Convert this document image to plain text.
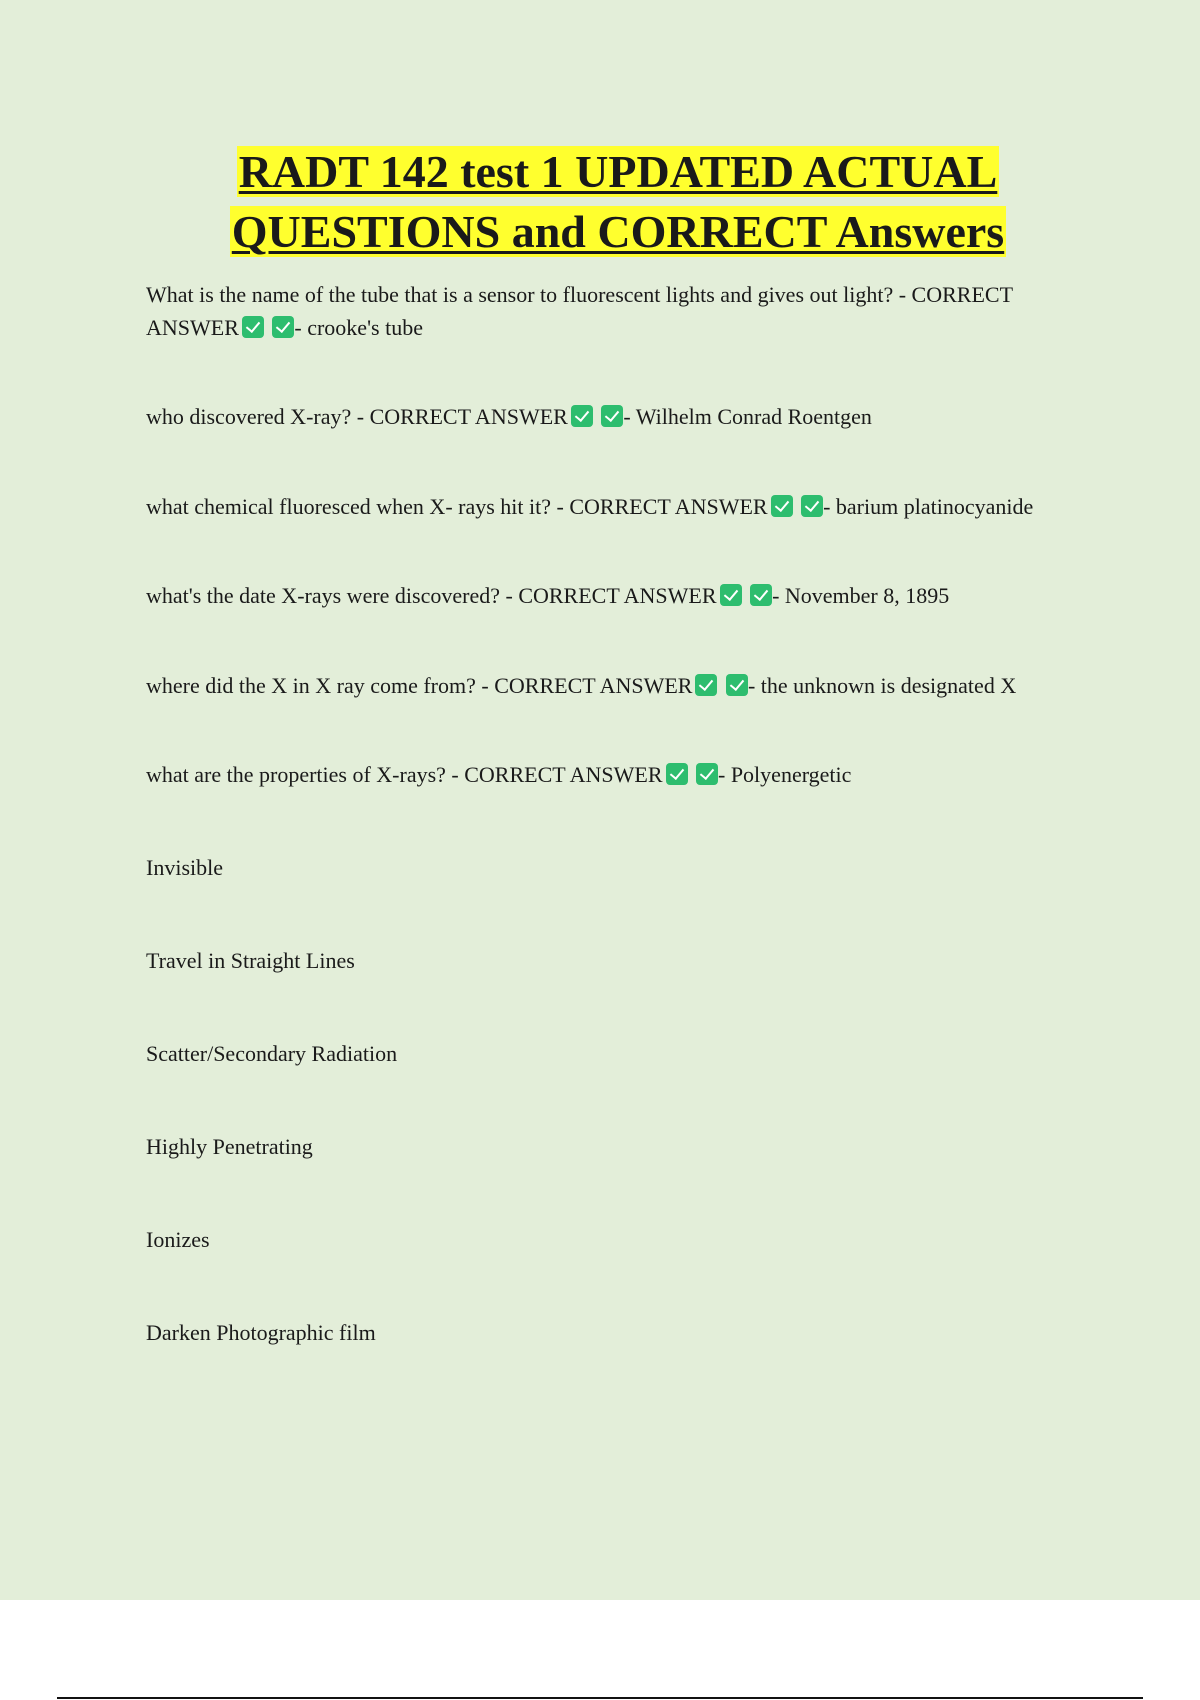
RADT 142 test 1 UPDATED ACTUAL
QUESTIONS and CORRECT Answers

What is the name of the tube that is a sensor to fluorescent lights and gives out light? - CORRECT ANSWER	- crooke's tube

who discovered X-ray? - CORRECT ANSWER	- Wilhelm Conrad Roentgen

what chemical fluoresced when X- rays hit it? - CORRECT ANSWER	- barium platinocyanide

what's the date X-rays were discovered? - CORRECT ANSWER	- November 8, 1895

where did the X in X ray come from? - CORRECT ANSWER	- the unknown is designated X

what are the properties of X-rays? - CORRECT ANSWER	- Polyenergetic

Invisible

Travel in Straight Lines

Scatter/Secondary Radiation

Highly Penetrating

Ionizes

Darken Photographic film
